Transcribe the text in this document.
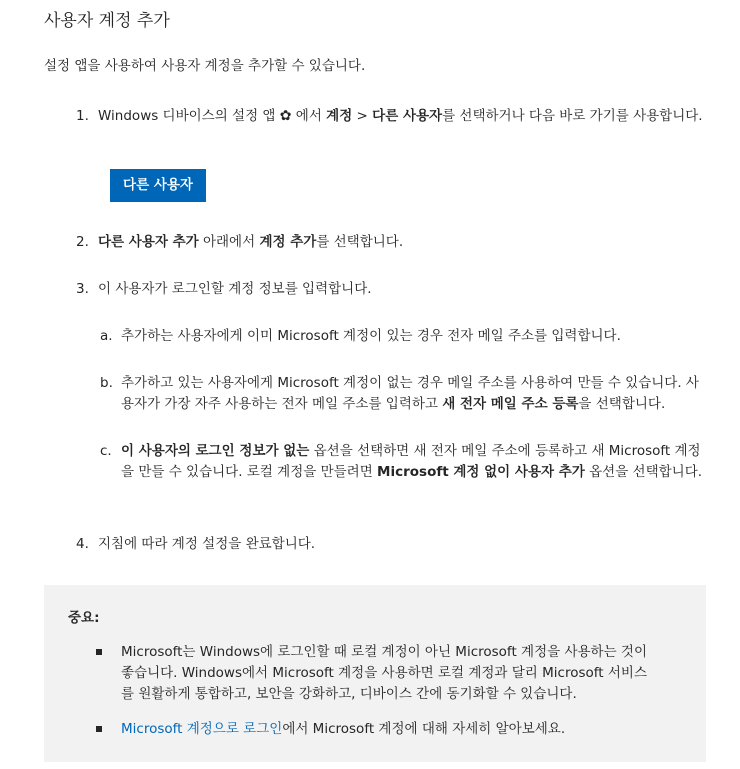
사용자 계정 추가

설정 앱을 사용하여 사용자 계정을 추가할 수 있습니다.

1. Windows 디바이스의 설정 앱 ✿ 에서 계정 > 다른 사용자를 선택하거나 다음 바로 가기를 사용합니다.
다른 사용자
2. 다른 사용자 추가 아래에서 계정 추가를 선택합니다.
3. 이 사용자가 로그인할 계정 정보를 입력합니다.
a. 추가하는 사용자에게 이미 Microsoft 계정이 있는 경우 전자 메일 주소를 입력합니다.
b. 추가하고 있는 사용자에게 Microsoft 계정이 없는 경우 메일 주소를 사용하여 만들 수 있습니다. 사용자가 가장 자주 사용하는 전자 메일 주소를 입력하고 새 전자 메일 주소 등록을 선택합니다.
c. 이 사용자의 로그인 정보가 없는 옵션을 선택하면 새 전자 메일 주소에 등록하고 새 Microsoft 계정을 만들 수 있습니다. 로컬 계정을 만들려면 Microsoft 계정 없이 사용자 추가 옵션을 선택합니다.
4. 지침에 따라 계정 설정을 완료합니다.

중요:

Microsoft는 Windows에 로그인할 때 로컬 계정이 아닌 Microsoft 계정을 사용하는 것이 좋습니다. Windows에서 Microsoft 계정을 사용하면 로컬 계정과 달리 Microsoft 서비스를 원활하게 통합하고, 보안을 강화하고, 디바이스 간에 동기화할 수 있습니다.
Microsoft 계정으로 로그인에서 Microsoft 계정에 대해 자세히 알아보세요.
